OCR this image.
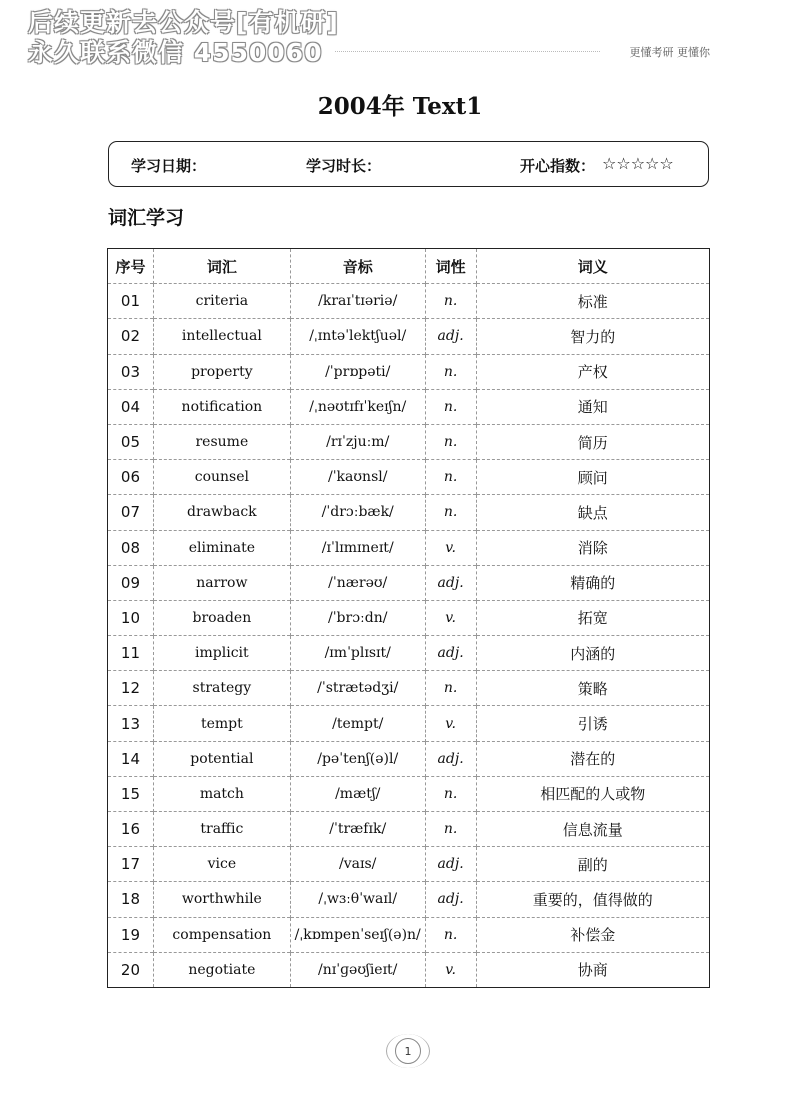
后续更新去公众号[有机研]
永久联系微信 4550060	更懂考研 更懂你
2004年 Text1
学习日期：	学习时长：	开心指数： ☆☆☆☆☆
词汇学习
序号	词汇	音标	词性	词义
01	criteria	/kraɪˈtɪəriə/	n.	标准
02	intellectual	/ˌɪntəˈlektʃuəl/	adj.	智力的
03	property	/ˈprɒpəti/	n.	产权
04	notification	/ˌnəʊtɪfɪˈkeɪʃn/	n.	通知
05	resume	/rɪˈzjuːm/	n.	简历
06	counsel	/ˈkaʊnsl/	n.	顾问
07	drawback	/ˈdrɔːbæk/	n.	缺点
08	eliminate	/ɪˈlɪmɪneɪt/	v.	消除
09	narrow	/ˈnærəʊ/	adj.	精确的
10	broaden	/ˈbrɔːdn/	v.	拓宽
11	implicit	/ɪmˈplɪsɪt/	adj.	内涵的
12	strategy	/ˈstrætədʒi/	n.	策略
13	tempt	/tempt/	v.	引诱
14	potential	/pəˈtenʃ(ə)l/	adj.	潜在的
15	match	/mætʃ/	n.	相匹配的人或物
16	traffic	/ˈtræfɪk/	n.	信息流量
17	vice	/vaɪs/	adj.	副的
18	worthwhile	/ˌwɜːθˈwaɪl/	adj.	重要的，值得做的
19	compensation	/ˌkɒmpenˈseɪʃ(ə)n/	n.	补偿金
20	negotiate	/nɪˈɡəʊʃieɪt/	v.	协商
1
